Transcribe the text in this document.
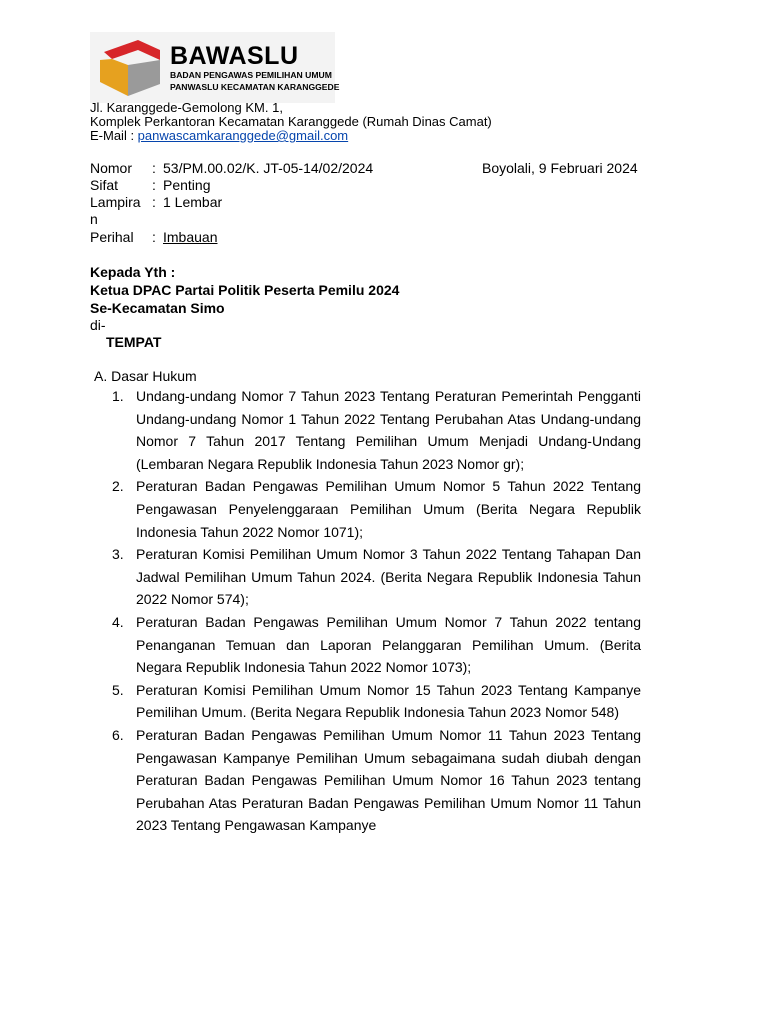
BAWASLU
BADAN PENGAWAS PEMILIHAN UMUM
PANWASLU KECAMATAN KARANGGEDE
Jl. Karanggede-Gemolong KM. 1,
Komplek Perkantoran Kecamatan Karanggede (Rumah Dinas Camat)
E-Mail : panwascamkaranggede@gmail.com
Nomor : 53/PM.00.02/K. JT-05-14/02/2024	Boyolali, 9 Februari 2024
Sifat : Penting
Lampira : 1 Lembar
n
Perihal : Imbauan
Kepada Yth :
Ketua DPAC Partai Politik Peserta Pemilu 2024
Se-Kecamatan Simo
di-
TEMPAT
A. Dasar Hukum
1. Undang-undang Nomor 7 Tahun 2023 Tentang Peraturan Pemerintah Pengganti Undang-undang Nomor 1 Tahun 2022 Tentang Perubahan Atas Undang-undang Nomor 7 Tahun 2017 Tentang Pemilihan Umum Menjadi Undang-Undang (Lembaran Negara Republik Indonesia Tahun 2023 Nomor gr);
2. Peraturan Badan Pengawas Pemilihan Umum Nomor 5 Tahun 2022 Tentang Pengawasan Penyelenggaraan Pemilihan Umum (Berita Negara Republik Indonesia Tahun 2022 Nomor 1071);
3. Peraturan Komisi Pemilihan Umum Nomor 3 Tahun 2022 Tentang Tahapan Dan Jadwal Pemilihan Umum Tahun 2024. (Berita Negara Republik Indonesia Tahun 2022 Nomor 574);
4. Peraturan Badan Pengawas Pemilihan Umum Nomor 7 Tahun 2022 tentang Penanganan Temuan dan Laporan Pelanggaran Pemilihan Umum. (Berita Negara Republik Indonesia Tahun 2022 Nomor 1073);
5. Peraturan Komisi Pemilihan Umum Nomor 15 Tahun 2023 Tentang Kampanye Pemilihan Umum. (Berita Negara Republik Indonesia Tahun 2023 Nomor 548)
6. Peraturan Badan Pengawas Pemilihan Umum Nomor 11 Tahun 2023 Tentang Pengawasan Kampanye Pemilihan Umum sebagaimana sudah diubah dengan Peraturan Badan Pengawas Pemilihan Umum Nomor 16 Tahun 2023 tentang Perubahan Atas Peraturan Badan Pengawas Pemilihan Umum Nomor 11 Tahun 2023 Tentang Pengawasan Kampanye
